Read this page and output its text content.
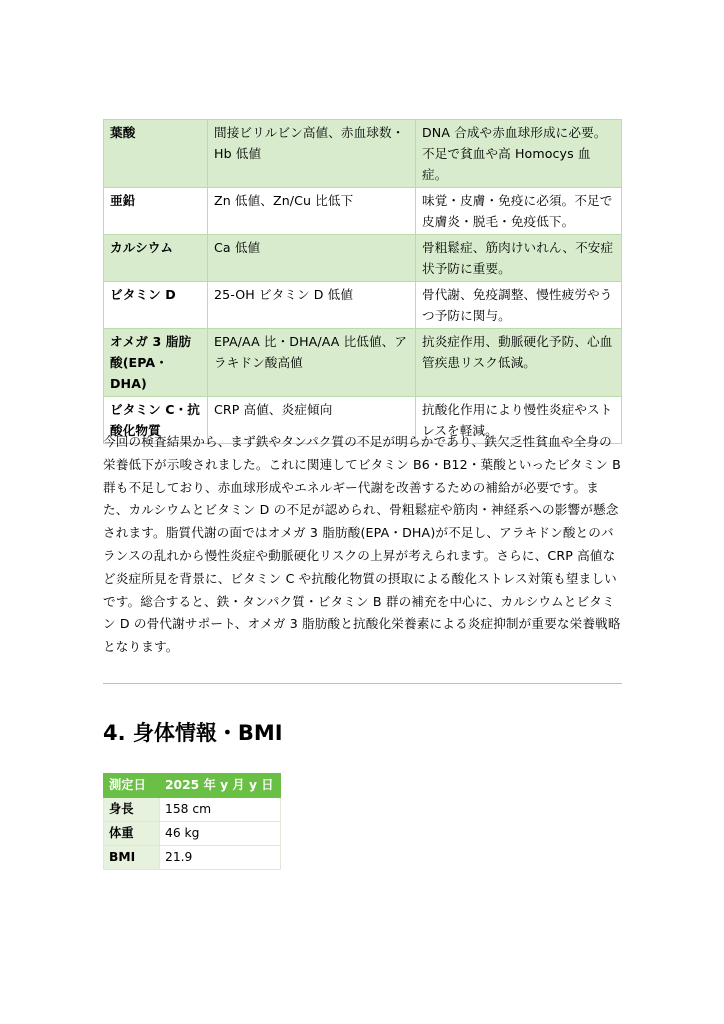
葉酸	間接ビリルビン高値、赤血球数・Hb 低値	DNA 合成や赤血球形成に必要。不足で貧血や高 Homocys 血症。
亜鉛	Zn 低値、Zn/Cu 比低下	味覚・皮膚・免疫に必須。不足で皮膚炎・脱毛・免疫低下。
カルシウム	Ca 低値	骨粗鬆症、筋肉けいれん、不安症状予防に重要。
ビタミン D	25-OH ビタミン D 低値	骨代謝、免疫調整、慢性疲労やうつ予防に関与。
オメガ 3 脂肪酸(EPA・DHA)	EPA/AA 比・DHA/AA 比低値、アラキドン酸高値	抗炎症作用、動脈硬化予防、心血管疾患リスク低減。
ビタミン C・抗酸化物質	CRP 高値、炎症傾向	抗酸化作用により慢性炎症やストレスを軽減。

今回の検査結果から、まず鉄やタンパク質の不足が明らかであり、鉄欠乏性貧血や全身の栄養低下が示唆されました。これに関連してビタミン B6・B12・葉酸といったビタミン B 群も不足しており、赤血球形成やエネルギー代謝を改善するための補給が必要です。また、カルシウムとビタミン D の不足が認められ、骨粗鬆症や筋肉・神経系への影響が懸念されます。脂質代謝の面ではオメガ 3 脂肪酸(EPA・DHA)が不足し、アラキドン酸とのバランスの乱れから慢性炎症や動脈硬化リスクの上昇が考えられます。さらに、CRP 高値など炎症所見を背景に、ビタミン C や抗酸化物質の摂取による酸化ストレス対策も望ましいです。総合すると、鉄・タンパク質・ビタミン B 群の補充を中心に、カルシウムとビタミン D の骨代謝サポート、オメガ 3 脂肪酸と抗酸化栄養素による炎症抑制が重要な栄養戦略となります。

4. 身体情報・BMI
測定日	2025 年 y 月 y 日
身長	158 cm
体重	46 kg
BMI	21.9
